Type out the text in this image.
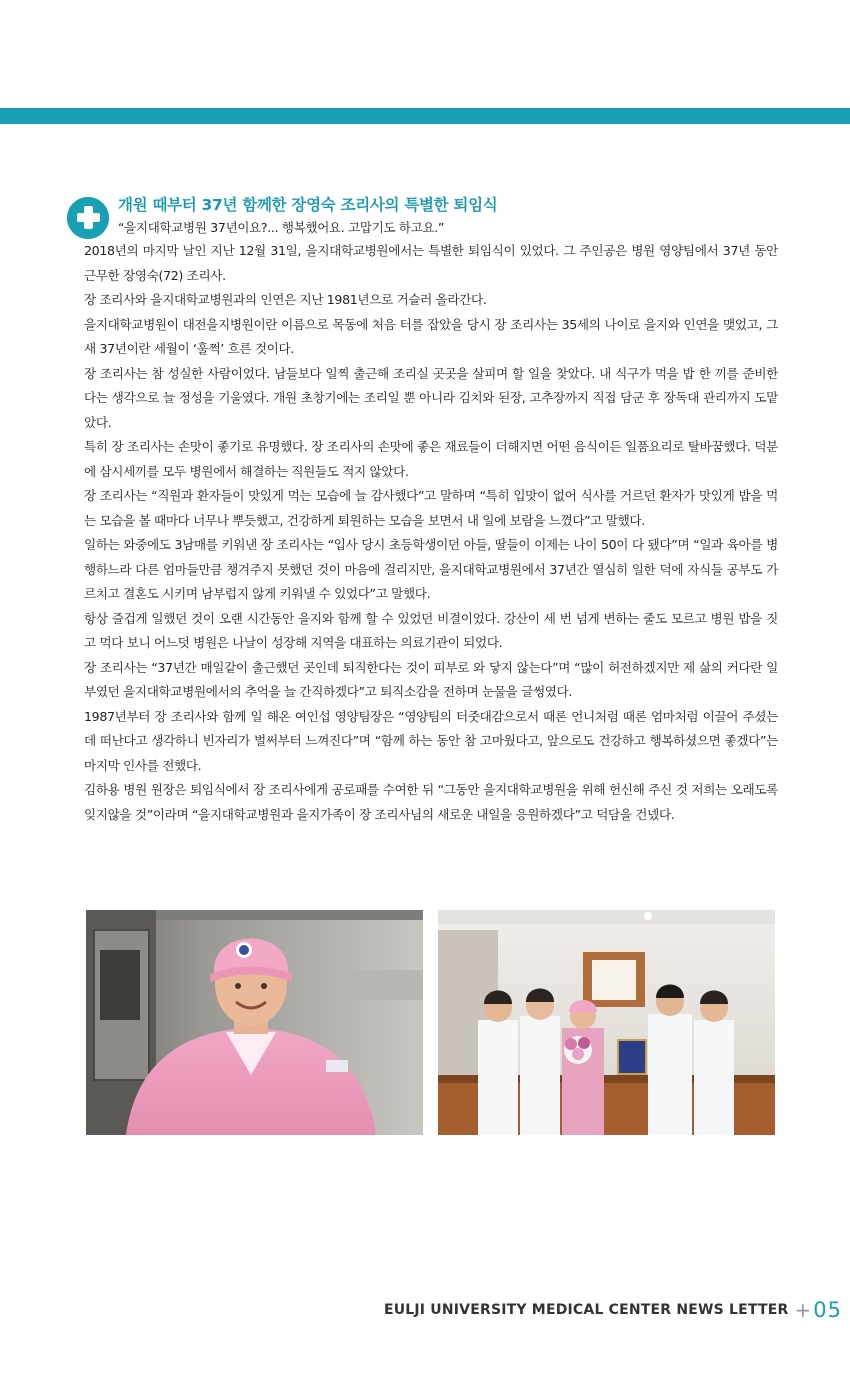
개원 때부터 37년 함께한 장영숙 조리사의 특별한 퇴임식

“을지대학교병원 37년이요?... 행복했어요. 고맙기도 하고요.”

2018년의 마지막 날인 지난 12월 31일, 을지대학교병원에서는 특별한 퇴임식이 있었다. 그 주인공은 병원 영양팀에서 37년 동안 근무한 장영숙(72) 조리사.

장 조리사와 을지대학교병원과의 인연은 지난 1981년으로 거슬러 올라간다.

을지대학교병원이 대전을지병원이란 이름으로 목동에 처음 터를 잡았을 당시 장 조리사는 35세의 나이로 을지와 인연을 맺었고, 그새 37년이란 세월이 ‘훌쩍’ 흐른 것이다.

장 조리사는 참 성실한 사람이었다. 남들보다 일찍 출근해 조리실 곳곳을 살피며 할 일을 찾았다. 내 식구가 먹을 밥 한 끼를 준비한다는 생각으로 늘 정성을 기울였다. 개원 초창기에는 조리일 뿐 아니라 김치와 된장, 고추장까지 직접 담군 후 장독대 관리까지 도맡았다.

특히 장 조리사는 손맛이 좋기로 유명했다. 장 조리사의 손맛에 좋은 재료들이 더해지면 어떤 음식이든 일품요리로 탈바꿈했다. 덕분에 삼시세끼를 모두 병원에서 해결하는 직원들도 적지 않았다.

장 조리사는 “직원과 환자들이 맛있게 먹는 모습에 늘 감사했다”고 말하며 “특히 입맛이 없어 식사를 거르던 환자가 맛있게 밥을 먹는 모습을 볼 때마다 너무나 뿌듯했고, 건강하게 퇴원하는 모습을 보면서 내 일에 보람을 느꼈다”고 말했다.

일하는 와중에도 3남매를 키워낸 장 조리사는 “입사 당시 초등학생이던 아들, 딸들이 이제는 나이 50이 다 됐다”며 “일과 육아를 병행하느라 다른 엄마들만큼 챙겨주지 못했던 것이 마음에 걸리지만, 을지대학교병원에서 37년간 열심히 일한 덕에 자식들 공부도 가르치고 결혼도 시키며 남부럽지 않게 키워낼 수 있었다”고 말했다.

항상 즐겁게 일했던 것이 오랜 시간동안 을지와 함께 할 수 있었던 비결이었다. 강산이 세 번 넘게 변하는 줄도 모르고 병원 밥을 짓고 먹다 보니 어느덧 병원은 나날이 성장해 지역을 대표하는 의료기관이 되었다.

장 조리사는 “37년간 매일같이 출근했던 곳인데 퇴직한다는 것이 피부로 와 닿지 않는다”며 “많이 허전하겠지만 제 삶의 커다란 일부였던 을지대학교병원에서의 추억을 늘 간직하겠다”고 퇴직소감을 전하며 눈물을 글썽였다.

1987년부터 장 조리사와 함께 일 해온 여인섭 영양팀장은 “영양팀의 터줏대감으로서 때론 언니처럼 때론 엄마처럼 이끌어 주셨는데 떠난다고 생각하니 빈자리가 벌써부터 느껴진다”며 “함께 하는 동안 참 고마웠다고, 앞으로도 건강하고 행복하셨으면 좋겠다”는 마지막 인사를 전했다.

김하용 병원 원장은 퇴임식에서 장 조리사에게 공로패를 수여한 뒤 “그동안 을지대학교병원을 위해 헌신해 주신 것 저희는 오래도록 잊지않을 것”이라며 “을지대학교병원과 을지가족이 장 조리사님의 새로운 내일을 응원하겠다”고 덕담을 건넸다.

EULJI UNIVERSITY MEDICAL CENTER NEWS LETTER + 05
